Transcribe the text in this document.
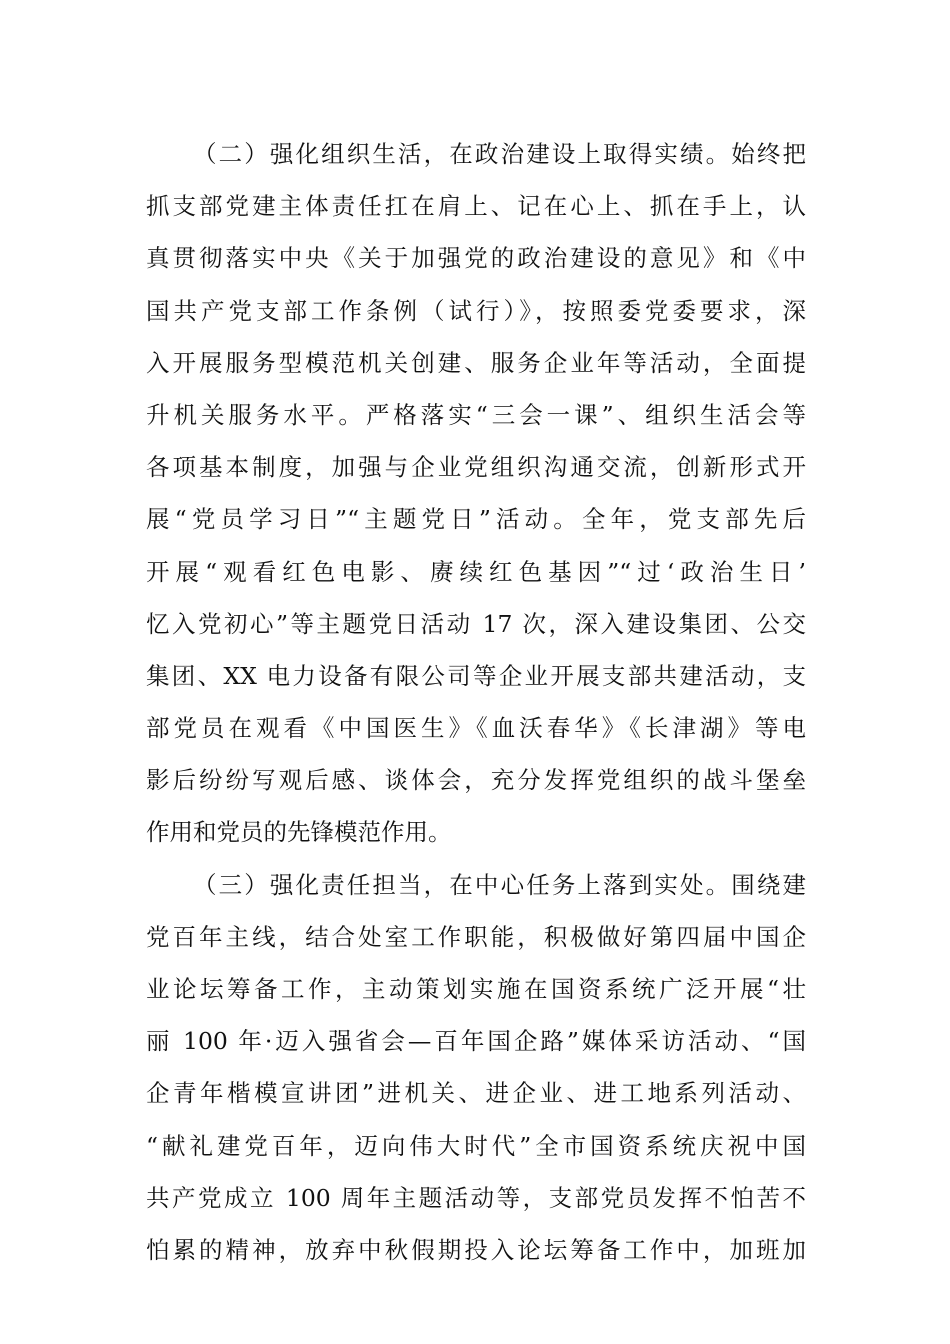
（二）强化组织生活，在政治建设上取得实绩。始终把
抓支部党建主体责任扛在肩上、记在心上、抓在手上，认
真贯彻落实中央《关于加强党的政治建设的意见》和《中
国共产党支部工作条例（试行）》，按照委党委要求，深
入开展服务型模范机关创建、服务企业年等活动，全面提
升机关服务水平。严格落实“三会一课”、组织生活会等
各项基本制度，加强与企业党组织沟通交流，创新形式开
展“党员学习日”“主题党日”活动。全年，党支部先后
开展“观看红色电影、赓续红色基因”“过‘政治生日’
忆入党初心”等主题党日活动 17 次，深入建设集团、公交
集团、XX 电力设备有限公司等企业开展支部共建活动，支
部党员在观看《中国医生》《血沃春华》《长津湖》等电
影后纷纷写观后感、谈体会，充分发挥党组织的战斗堡垒
作用和党员的先锋模范作用。
（三）强化责任担当，在中心任务上落到实处。围绕建
党百年主线，结合处室工作职能，积极做好第四届中国企
业论坛筹备工作，主动策划实施在国资系统广泛开展“壮
丽 100 年·迈入强省会—百年国企路”媒体采访活动、“国
企青年楷模宣讲团”进机关、进企业、进工地系列活动、
“献礼建党百年，迈向伟大时代”全市国资系统庆祝中国
共产党成立 100 周年主题活动等，支部党员发挥不怕苦不
怕累的精神，放弃中秋假期投入论坛筹备工作中，加班加
